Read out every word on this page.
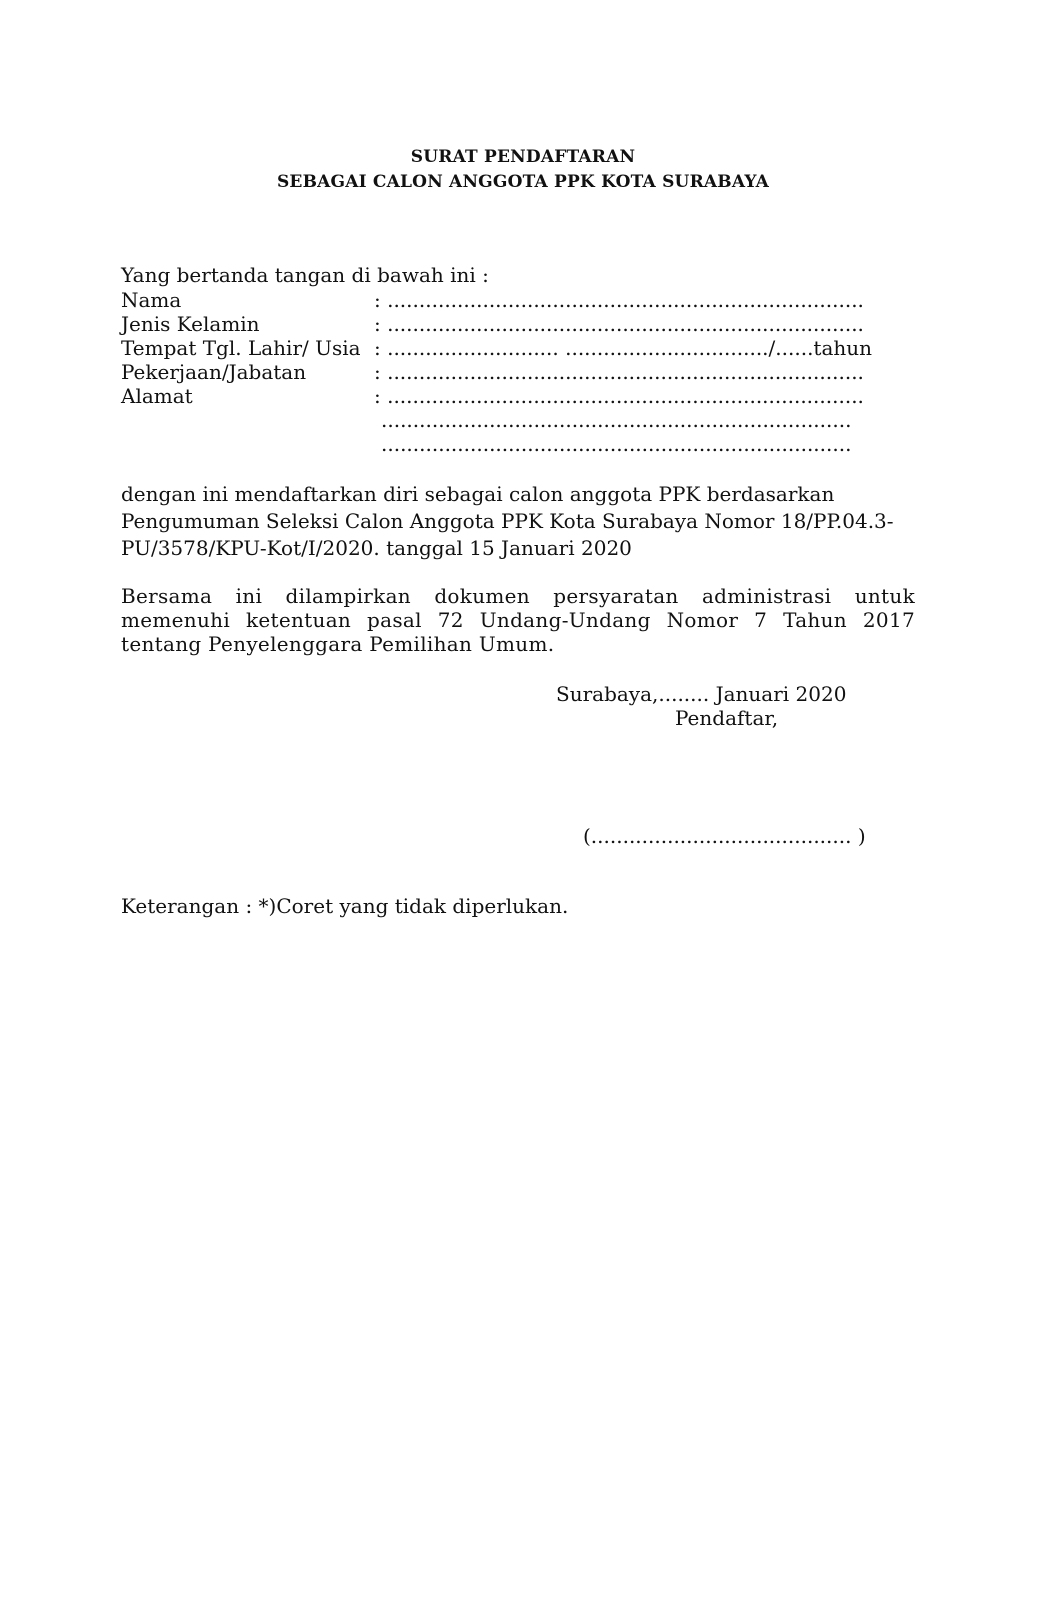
SURAT PENDAFTARAN
SEBAGAI CALON ANGGOTA PPK KOTA SURABAYA
Yang bertanda tangan di bawah ini :
Nama	: ...........................................................................
Jenis Kelamin	: ...........................................................................
Tempat Tgl. Lahir/ Usia : ........................... ................................/......tahun
Pekerjaan/Jabatan	: ...........................................................................
Alamat	: ...........................................................................
..........................................................................
..........................................................................
dengan ini mendaftarkan diri sebagai calon anggota PPK berdasarkan Pengumuman Seleksi Calon Anggota PPK Kota Surabaya Nomor 18/PP.04.3-PU/3578/KPU-Kot/I/2020. tanggal 15 Januari 2020
Bersama ini dilampirkan dokumen persyaratan administrasi untuk memenuhi ketentuan pasal 72 Undang-Undang Nomor 7 Tahun 2017 tentang Penyelenggara Pemilihan Umum.
Surabaya,........ Januari 2020
Pendaftar,
(......................................... )
Keterangan : *)Coret yang tidak diperlukan.
